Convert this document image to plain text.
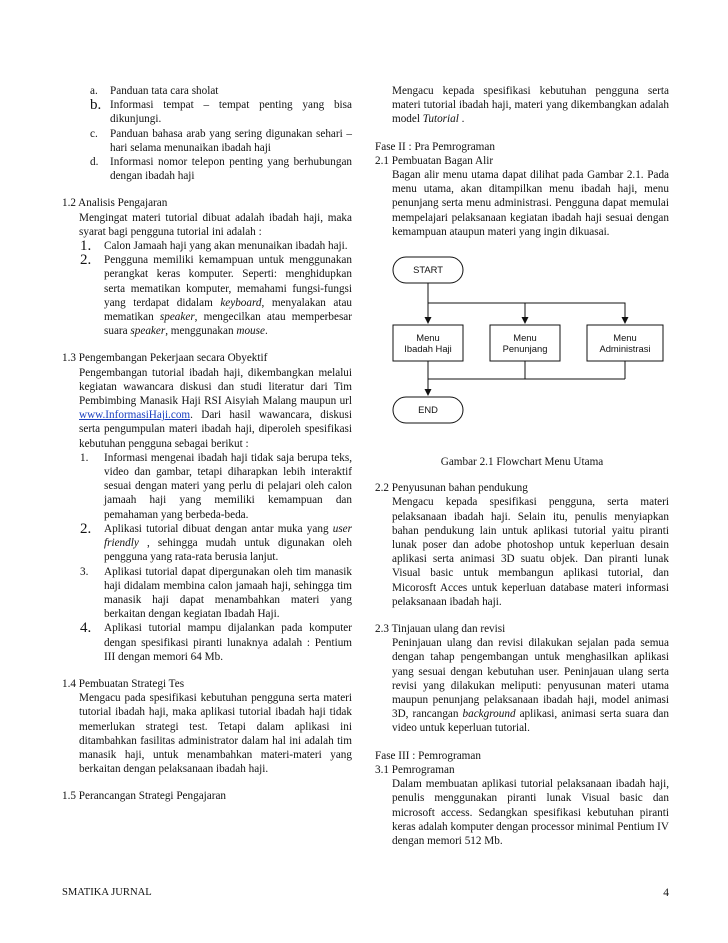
a. Panduan tata cara sholat
b. Informasi tempat – tempat penting yang bisa dikunjungi.
c. Panduan bahasa arab yang sering digunakan sehari – hari selama menunaikan ibadah haji
d. Informasi nomor telepon penting yang berhubungan dengan ibadah haji

1.2 Analisis Pengajaran

Mengingat materi tutorial dibuat adalah ibadah haji, maka syarat bagi pengguna tutorial ini adalah :

1. Calon Jamaah haji yang akan menunaikan ibadah haji.
2. Pengguna memiliki kemampuan untuk menggunakan perangkat keras komputer. Seperti: menghidupkan serta mematikan komputer, memahami fungsi-fungsi yang terdapat didalam keyboard, menyalakan atau mematikan speaker, mengecilkan atau memperbesar suara speaker, menggunakan mouse.

1.3 Pengembangan Pekerjaan secara Obyektif

Pengembangan tutorial ibadah haji, dikembangkan melalui kegiatan wawancara diskusi dan studi literatur dari Tim Pembimbing Manasik Haji RSI Aisyiah Malang maupun url www.InformasiHaji.com. Dari hasil wawancara, diskusi serta pengumpulan materi ibadah haji, diperoleh spesifikasi kebutuhan pengguna sebagai berikut :

1. Informasi mengenai ibadah haji tidak saja berupa teks, video dan gambar, tetapi diharapkan lebih interaktif sesuai dengan materi yang perlu di pelajari oleh calon jamaah haji yang memiliki kemampuan dan pemahaman yang berbeda-beda.
2. Aplikasi tutorial dibuat dengan antar muka yang user friendly , sehingga mudah untuk digunakan oleh pengguna yang rata-rata berusia lanjut.
3. Aplikasi tutorial dapat dipergunakan oleh tim manasik haji didalam membina calon jamaah haji, sehingga tim manasik haji dapat menambahkan materi yang berkaitan dengan kegiatan Ibadah Haji.
4. Aplikasi tutorial mampu dijalankan pada komputer dengan spesifikasi piranti lunaknya adalah : Pentium III dengan memori 64 Mb.

1.4 Pembuatan Strategi Tes

Mengacu pada spesifikasi kebutuhan pengguna serta materi tutorial ibadah haji, maka aplikasi tutorial ibadah haji tidak memerlukan strategi test. Tetapi dalam aplikasi ini ditambahkan fasilitas administrator dalam hal ini adalah tim manasik haji, untuk menambahkan materi-materi yang berkaitan dengan pelaksanaan ibadah haji.

1.5 Perancangan Strategi Pengajaran

Mengacu kepada spesifikasi kebutuhan pengguna serta materi tutorial ibadah haji, materi yang dikembangkan adalah model Tutorial .

Fase II : Pra Pemrograman

2.1 Pembuatan Bagan Alir

Bagan alir menu utama dapat dilihat pada Gambar 2.1. Pada menu utama, akan ditampilkan menu ibadah haji, menu penunjang serta menu administrasi. Pengguna dapat memulai mempelajari pelaksanaan kegiatan ibadah haji sesuai dengan kemampuan ataupun materi yang ingin dikuasai.

START
Menu
Ibadah Haji
Menu
Penunjang
Menu
Administrasi
END

Gambar 2.1 Flowchart Menu Utama

2.2 Penyusunan bahan pendukung

Mengacu kepada spesifikasi pengguna, serta materi pelaksanaan ibadah haji. Selain itu, penulis menyiapkan bahan pendukung lain untuk aplikasi tutorial yaitu piranti lunak poser dan adobe photoshop untuk keperluan desain aplikasi serta animasi 3D suatu objek. Dan piranti lunak Visual basic untuk membangun aplikasi tutorial, dan Micorosft Acces untuk keperluan database materi informasi pelaksanaan ibadah haji.

2.3 Tinjauan ulang dan revisi

Peninjauan ulang dan revisi dilakukan sejalan pada semua dengan tahap pengembangan untuk menghasilkan aplikasi yang sesuai dengan kebutuhan user. Peninjauan ulang serta revisi yang dilakukan meliputi: penyusunan materi utama maupun penunjang pelaksanaan ibadah haji, model animasi 3D, rancangan background aplikasi, animasi serta suara dan video untuk keperluan tutorial.

Fase III : Pemrograman

3.1 Pemrograman

Dalam membuatan aplikasi tutorial pelaksanaan ibadah haji, penulis menggunakan piranti lunak Visual basic dan microsoft access. Sedangkan spesifikasi kebutuhan piranti keras adalah komputer dengan processor minimal Pentium IV dengan memori 512 Mb.

SMATIKA JURNAL	4
